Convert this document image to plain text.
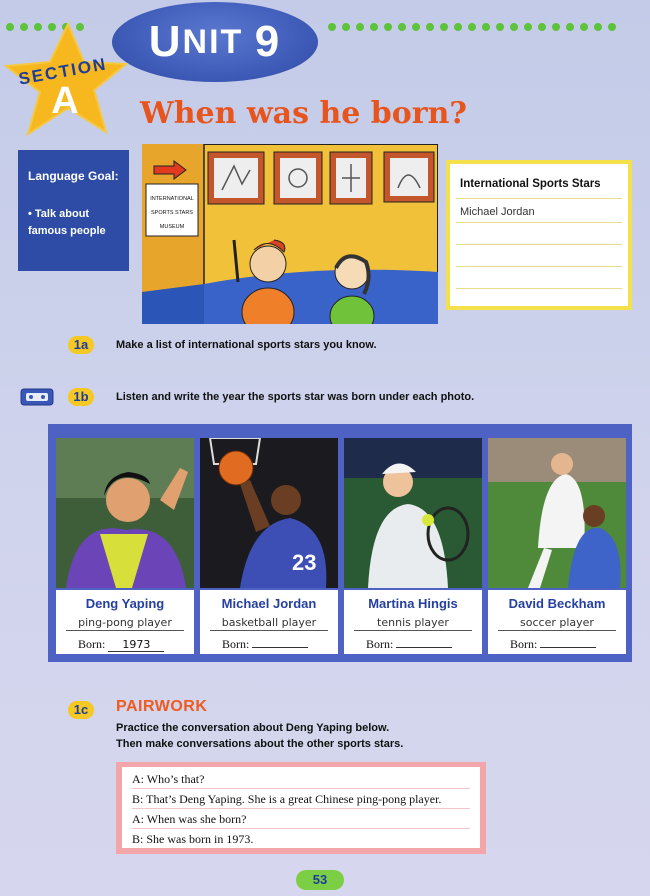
U NIT
9
SECTION
A	When was he born?
Language Goal:
• Talk about famous people
INTERNATIONAL
SPORTS STARS
MUSEUM
International Sports Stars
Michael Jordan
1a	Make a list of international sports stars you know.
1b	Listen and write the year the sports star was born under each photo.
Deng Yaping
ping-pong player
Born: 1973
23
Michael Jordan
basketball player
Born:
Martina Hingis
tennis player
Born:
David Beckham
soccer player
Born:
1c	PAIRWORK
Practice the conversation about Deng Yaping below.
Then make conversations about the other sports stars.
A: Who’s that?
B: That’s Deng Yaping. She is a great Chinese ping-pong player.
A: When was she born?
B: She was born in 1973.
53
